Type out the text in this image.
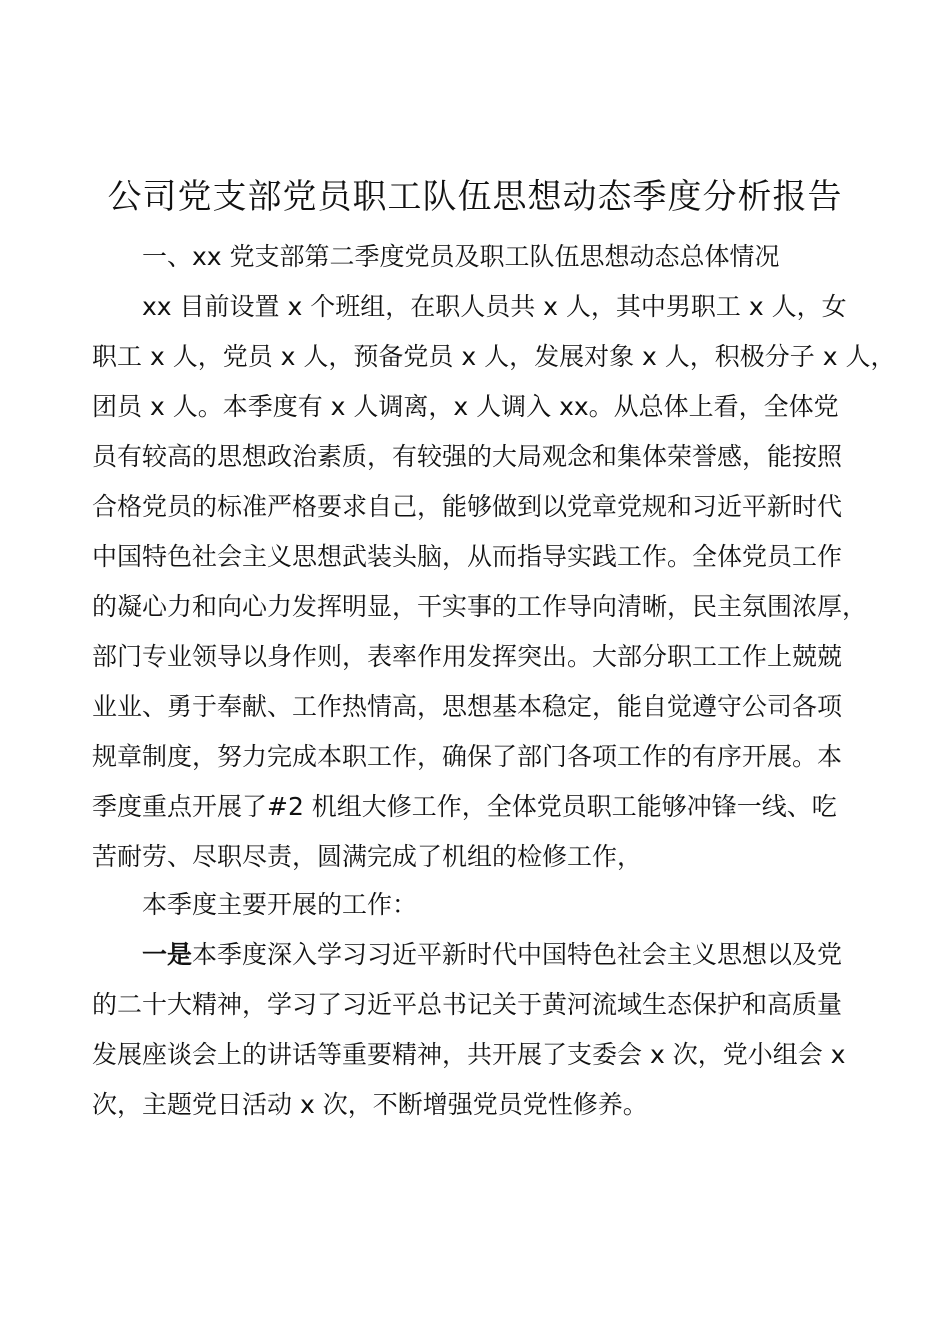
公司党支部党员职工队伍思想动态季度分析报告

一、xx 党支部第二季度党员及职工队伍思想动态总体情况

xx 目前设置 x 个班组，在职人员共 x 人，其中男职工 x 人，女

职工 x 人，党员 x 人，预备党员 x 人，发展对象 x 人，积极分子 x 人，

团员 x 人。本季度有 x 人调离，x 人调入 xx。从总体上看，全体党

员有较高的思想政治素质，有较强的大局观念和集体荣誉感，能按照

合格党员的标准严格要求自己，能够做到以党章党规和习近平新时代

中国特色社会主义思想武装头脑，从而指导实践工作。全体党员工作

的凝心力和向心力发挥明显，干实事的工作导向清晰，民主氛围浓厚，

部门专业领导以身作则，表率作用发挥突出。大部分职工工作上兢兢

业业、勇于奉献、工作热情高，思想基本稳定，能自觉遵守公司各项

规章制度，努力完成本职工作，确保了部门各项工作的有序开展。本

季度重点开展了#2 机组大修工作，全体党员职工能够冲锋一线、吃

苦耐劳、尽职尽责，圆满完成了机组的检修工作，

本季度主要开展的工作：

一是本季度深入学习习近平新时代中国特色社会主义思想以及党

的二十大精神，学习了习近平总书记关于黄河流域生态保护和高质量

发展座谈会上的讲话等重要精神，共开展了支委会 x 次，党小组会 x

次，主题党日活动 x 次，不断增强党员党性修养。
